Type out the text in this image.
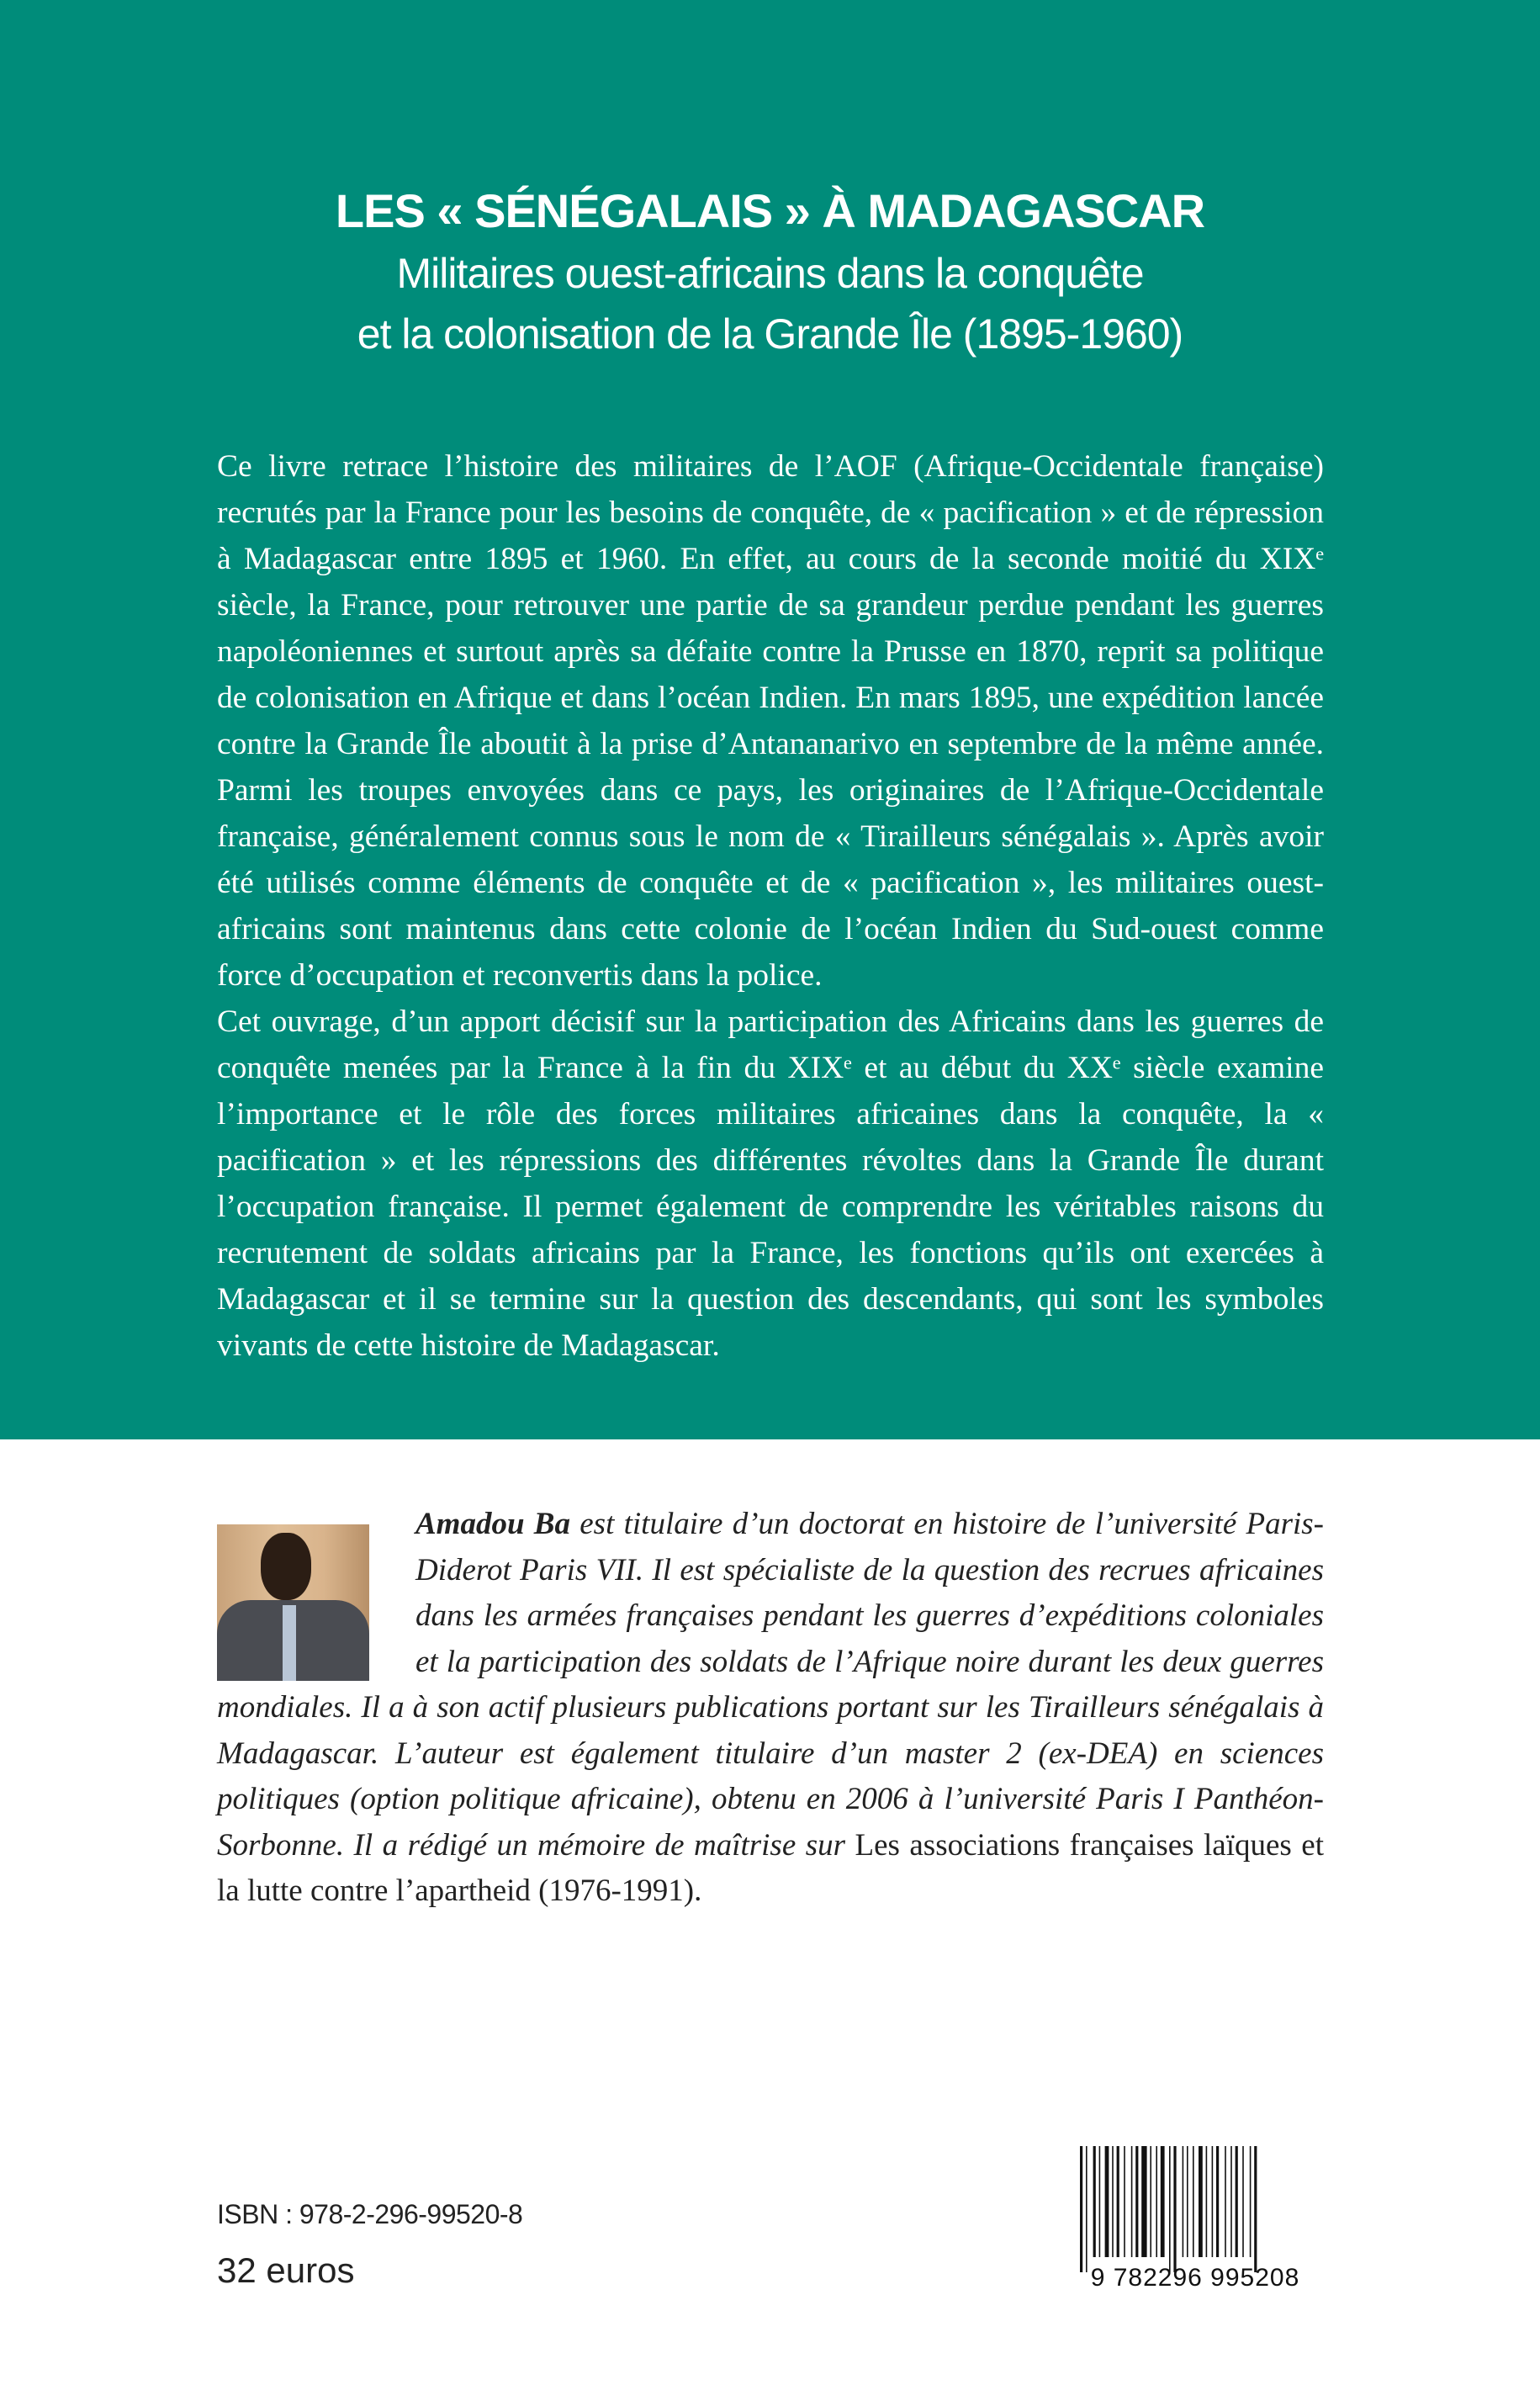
LES « SÉNÉGALAIS » À MADAGASCAR
Militaires ouest-africains dans la conquête
et la colonisation de la Grande Île (1895-1960)

Ce livre retrace l’histoire des militaires de l’AOF (Afrique-Occidentale française) recrutés par la France pour les besoins de conquête, de « pacification » et de répression à Madagascar entre 1895 et 1960. En effet, au cours de la seconde moitié du XIXᵉ siècle, la France, pour retrouver une partie de sa grandeur perdue pendant les guerres napoléoniennes et surtout après sa défaite contre la Prusse en 1870, reprit sa politique de colonisation en Afrique et dans l’océan Indien. En mars 1895, une expédition lancée contre la Grande Île aboutit à la prise d’Antananarivo en septembre de la même année. Parmi les troupes envoyées dans ce pays, les originaires de l’Afrique-Occidentale française, généralement connus sous le nom de « Tirailleurs sénégalais ». Après avoir été utilisés comme éléments de conquête et de « pacification », les militaires ouest-africains sont maintenus dans cette colonie de l’océan Indien du Sud-ouest comme force d’occupation et reconvertis dans la police.

Cet ouvrage, d’un apport décisif sur la participation des Africains dans les guerres de conquête menées par la France à la fin du XIXᵉ et au début du XXᵉ siècle examine l’importance et le rôle des forces militaires africaines dans la conquête, la « pacification » et les répressions des différentes révoltes dans la Grande Île durant l’occupation française. Il permet également de comprendre les véritables raisons du recrutement de soldats africains par la France, les fonctions qu’ils ont exercées à Madagascar et il se termine sur la question des descendants, qui sont les symboles vivants de cette histoire de Madagascar.

Amadou Ba est titulaire d’un doctorat en histoire de l’université Paris-Diderot Paris VII. Il est spécialiste de la question des recrues africaines dans les armées françaises pendant les guerres d’expéditions coloniales et la participation des soldats de l’Afrique noire durant les deux guerres mondiales. Il a à son actif plusieurs publications portant sur les Tirailleurs sénégalais à Madagascar. L’auteur est également titulaire d’un master 2 (ex-DEA) en sciences politiques (option politique africaine), obtenu en 2006 à l’université Paris I Panthéon-Sorbonne. Il a rédigé un mémoire de maîtrise sur Les associations françaises laïques et la lutte contre l’apartheid (1976-1991).
ISBN : 978-2-296-99520-8
32 euros	9 782296 995208
